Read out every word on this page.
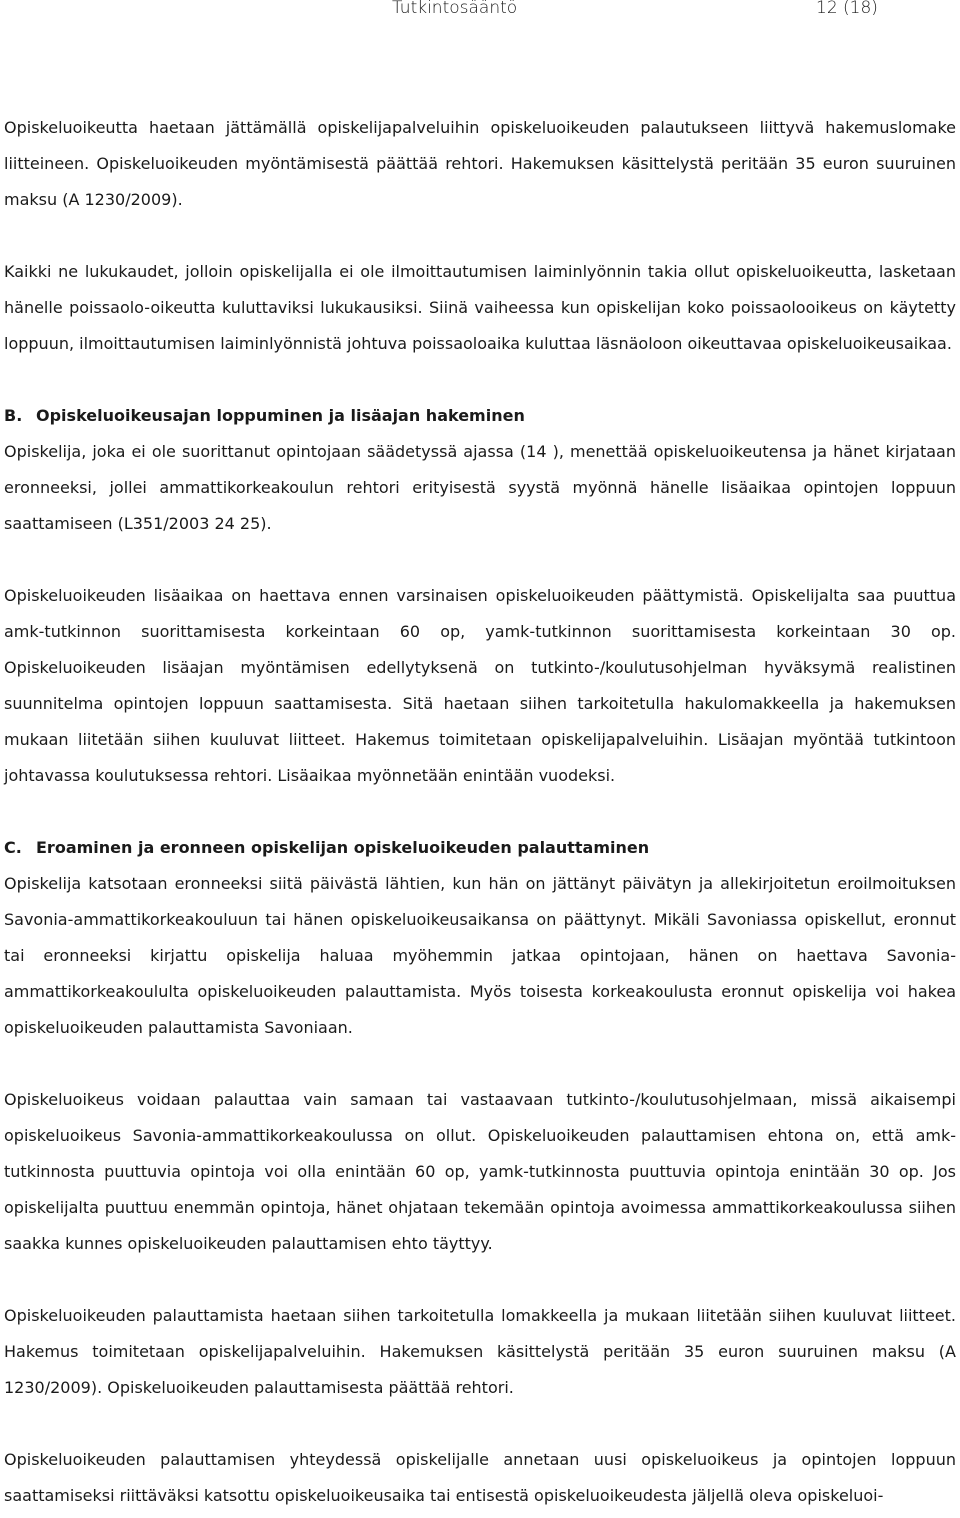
Tutkintosääntö	12 (18)

Opiskeluoikeutta haetaan jättämällä opiskelijapalveluihin opiskeluoikeuden palautukseen liittyvä hakemuslomake liitteineen. Opiskeluoikeuden myöntämisestä päättää rehtori. Hakemuksen käsittelystä peritään 35 euron suuruinen maksu (A 1230/2009).

Kaikki ne lukukaudet, jolloin opiskelijalla ei ole ilmoittautumisen laiminlyönnin takia ollut opiskeluoikeutta, lasketaan hänelle poissaolo-oikeutta kuluttaviksi lukukausiksi. Siinä vaiheessa kun opiskelijan koko poissaolooikeus on käytetty loppuun, ilmoittautumisen laiminlyönnistä johtuva poissaoloaika kuluttaa läsnäoloon oikeuttavaa opiskeluoikeusaikaa.

B. Opiskeluoikeusajan loppuminen ja lisäajan hakeminen

Opiskelija, joka ei ole suorittanut opintojaan säädetyssä ajassa (14 ), menettää opiskeluoikeutensa ja hänet kirjataan eronneeksi, jollei ammattikorkeakoulun rehtori erityisestä syystä myönnä hänelle lisäaikaa opintojen loppuun saattamiseen (L351/2003 24 25).

Opiskeluoikeuden lisäaikaa on haettava ennen varsinaisen opiskeluoikeuden päättymistä. Opiskelijalta saa puuttua amk-tutkinnon suorittamisesta korkeintaan 60 op, yamk-tutkinnon suorittamisesta korkeintaan 30 op. Opiskeluoikeuden lisäajan myöntämisen edellytyksenä on tutkinto-/koulutusohjelman hyväksymä realistinen suunnitelma opintojen loppuun saattamisesta. Sitä haetaan siihen tarkoitetulla hakulomakkeella ja hakemuksen mukaan liitetään siihen kuuluvat liitteet. Hakemus toimitetaan opiskelijapalveluihin. Lisäajan myöntää tutkintoon johtavassa koulutuksessa rehtori. Lisäaikaa myönnetään enintään vuodeksi.

C. Eroaminen ja eronneen opiskelijan opiskeluoikeuden palauttaminen

Opiskelija katsotaan eronneeksi siitä päivästä lähtien, kun hän on jättänyt päivätyn ja allekirjoitetun eroilmoituksen Savonia-ammattikorkeakouluun tai hänen opiskeluoikeusaikansa on päättynyt. Mikäli Savoniassa opiskellut, eronnut tai eronneeksi kirjattu opiskelija haluaa myöhemmin jatkaa opintojaan, hänen on haettava Savonia-ammattikorkeakoululta opiskeluoikeuden palauttamista. Myös toisesta korkeakoulusta eronnut opiskelija voi hakea opiskeluoikeuden palauttamista Savoniaan.

Opiskeluoikeus voidaan palauttaa vain samaan tai vastaavaan tutkinto-/koulutusohjelmaan, missä aikaisempi opiskeluoikeus Savonia-ammattikorkeakoulussa on ollut. Opiskeluoikeuden palauttamisen ehtona on, että amk-tutkinnosta puuttuvia opintoja voi olla enintään 60 op, yamk-tutkinnosta puuttuvia opintoja enintään 30 op. Jos opiskelijalta puuttuu enemmän opintoja, hänet ohjataan tekemään opintoja avoimessa ammattikorkeakoulussa siihen saakka kunnes opiskeluoikeuden palauttamisen ehto täyttyy.

Opiskeluoikeuden palauttamista haetaan siihen tarkoitetulla lomakkeella ja mukaan liitetään siihen kuuluvat liitteet. Hakemus toimitetaan opiskelijapalveluihin. Hakemuksen käsittelystä peritään 35 euron suuruinen maksu (A 1230/2009). Opiskeluoikeuden palauttamisesta päättää rehtori.

Opiskeluoikeuden palauttamisen yhteydessä opiskelijalle annetaan uusi opiskeluoikeus ja opintojen loppuun saattamiseksi riittäväksi katsottu opiskeluoikeusaika tai entisestä opiskeluoikeudesta jäljellä oleva opiskeluoi-
